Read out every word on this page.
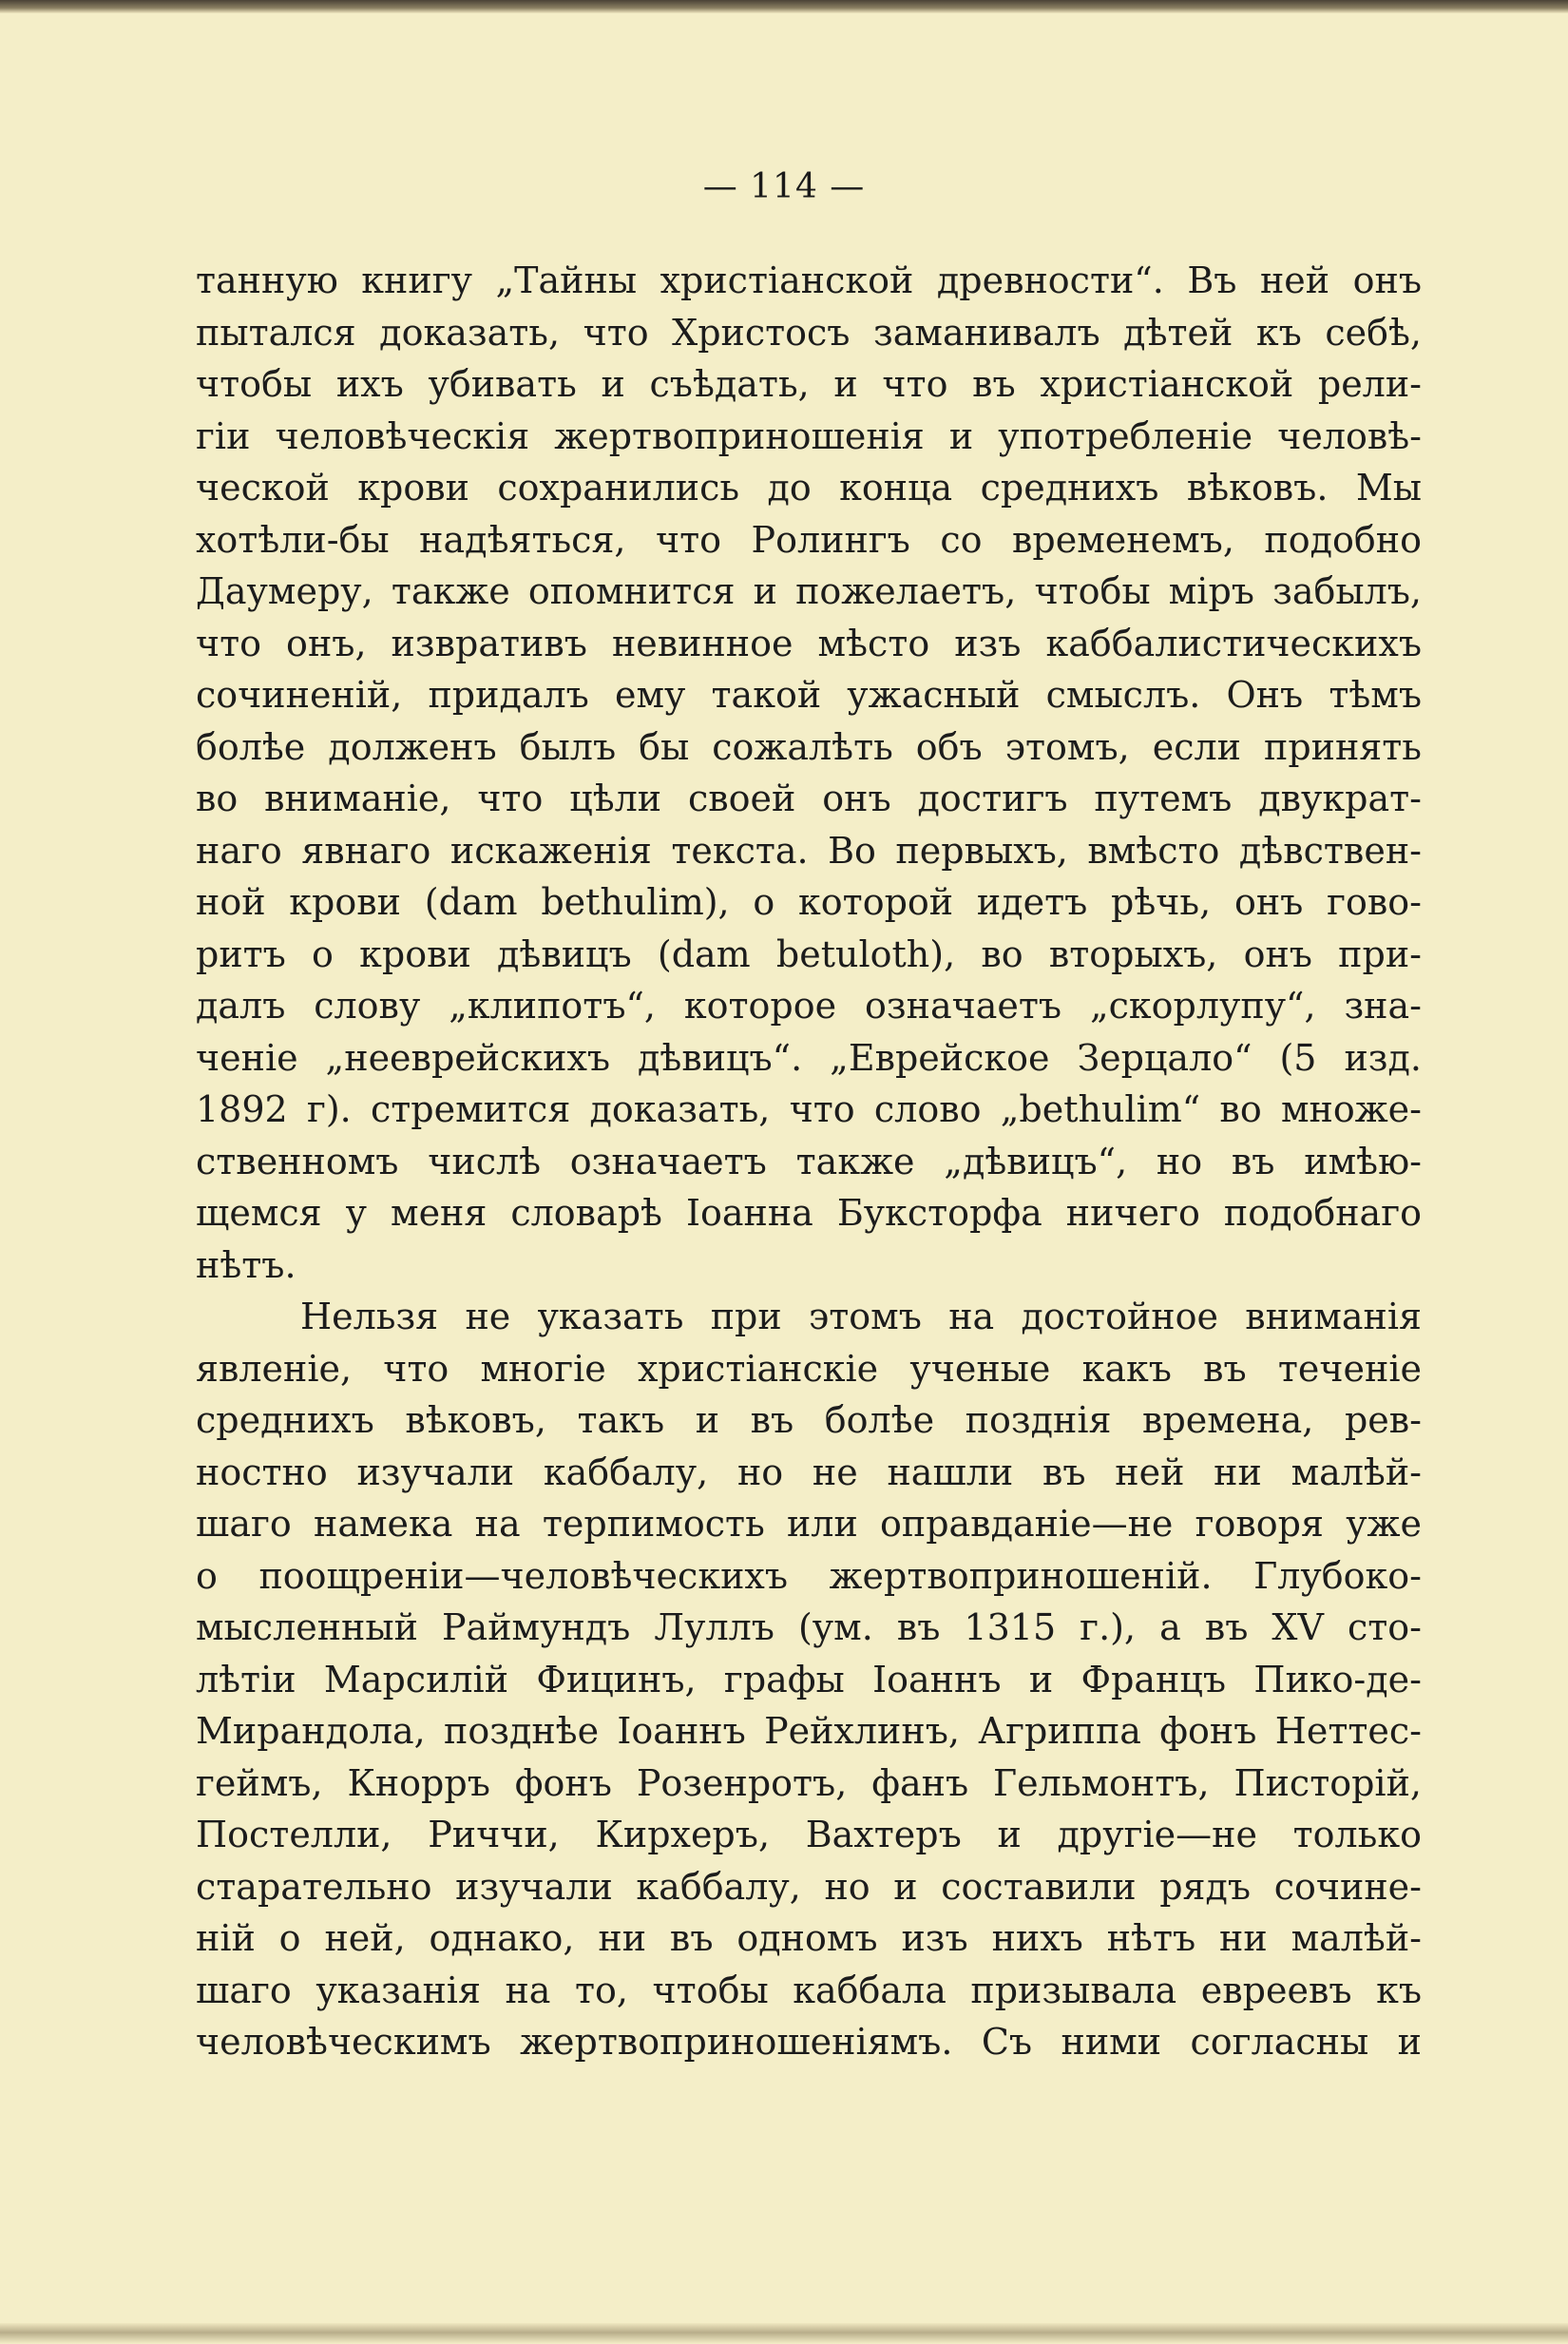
— 114 —
танную книгу „Тайны христіанской древности“. Въ ней онъ
пытался доказать, что Христосъ заманивалъ дѣтей къ себѣ,
чтобы ихъ убивать и съѣдать, и что въ христіанской рели-
гіи человѣческія жертвоприношенія и употребленіе человѣ-
ческой крови сохранились до конца среднихъ вѣковъ. Мы
хотѣли-бы надѣяться, что Ролингъ со временемъ, подобно
Даумеру, также опомнится и пожелаетъ, чтобы міръ забылъ,
что онъ, извративъ невинное мѣсто изъ каббалистическихъ
сочиненій, придалъ ему такой ужасный смыслъ. Онъ тѣмъ
болѣе долженъ былъ бы сожалѣть объ этомъ, если принять
во вниманіе, что цѣли своей онъ достигъ путемъ двукрат-
наго явнаго искаженія текста. Во первыхъ, вмѣсто дѣвствен-
ной крови (dam bethulim), о которой идетъ рѣчь, онъ гово-
ритъ о крови дѣвицъ (dam betuloth), во вторыхъ, онъ при-
далъ слову „клипотъ“, которое означаетъ „скорлупу“, зна-
ченіе „нееврейскихъ дѣвицъ“. „Еврейское Зерцало“ (5 изд.
1892 г). стремится доказать, что слово „bethulim“ во множе-
ственномъ числѣ означаетъ также „дѣвицъ“, но въ имѣю-
щемся у меня словарѣ Іоанна Буксторфа ничего подобнаго
нѣтъ.
Нельзя не указать при этомъ на достойное вниманія
явленіе, что многіе христіанскіе ученые какъ въ теченіе
среднихъ вѣковъ, такъ и въ болѣе позднія времена, рев-
ностно изучали каббалу, но не нашли въ ней ни малѣй-
шаго намека на терпимость или оправданіе—не говоря уже
о поощреніи—человѣческихъ жертвоприношеній. Глубоко-
мысленный Раймундъ Луллъ (ум. въ 1315 г.), а въ XV сто-
лѣтіи Марсилій Фицинъ, графы Іоаннъ и Францъ Пико-де-
Мирандола, позднѣе Іоаннъ Рейхлинъ, Агриппа фонъ Неттес-
геймъ, Кнорръ фонъ Розенротъ, фанъ Гельмонтъ, Писторій,
Постелли, Риччи, Кирхеръ, Вахтеръ и другіе—не только
старательно изучали каббалу, но и составили рядъ сочине-
ній о ней, однако, ни въ одномъ изъ нихъ нѣтъ ни малѣй-
шаго указанія на то, чтобы каббала призывала евреевъ къ
человѣческимъ жертвоприношеніямъ. Съ ними согласны и
